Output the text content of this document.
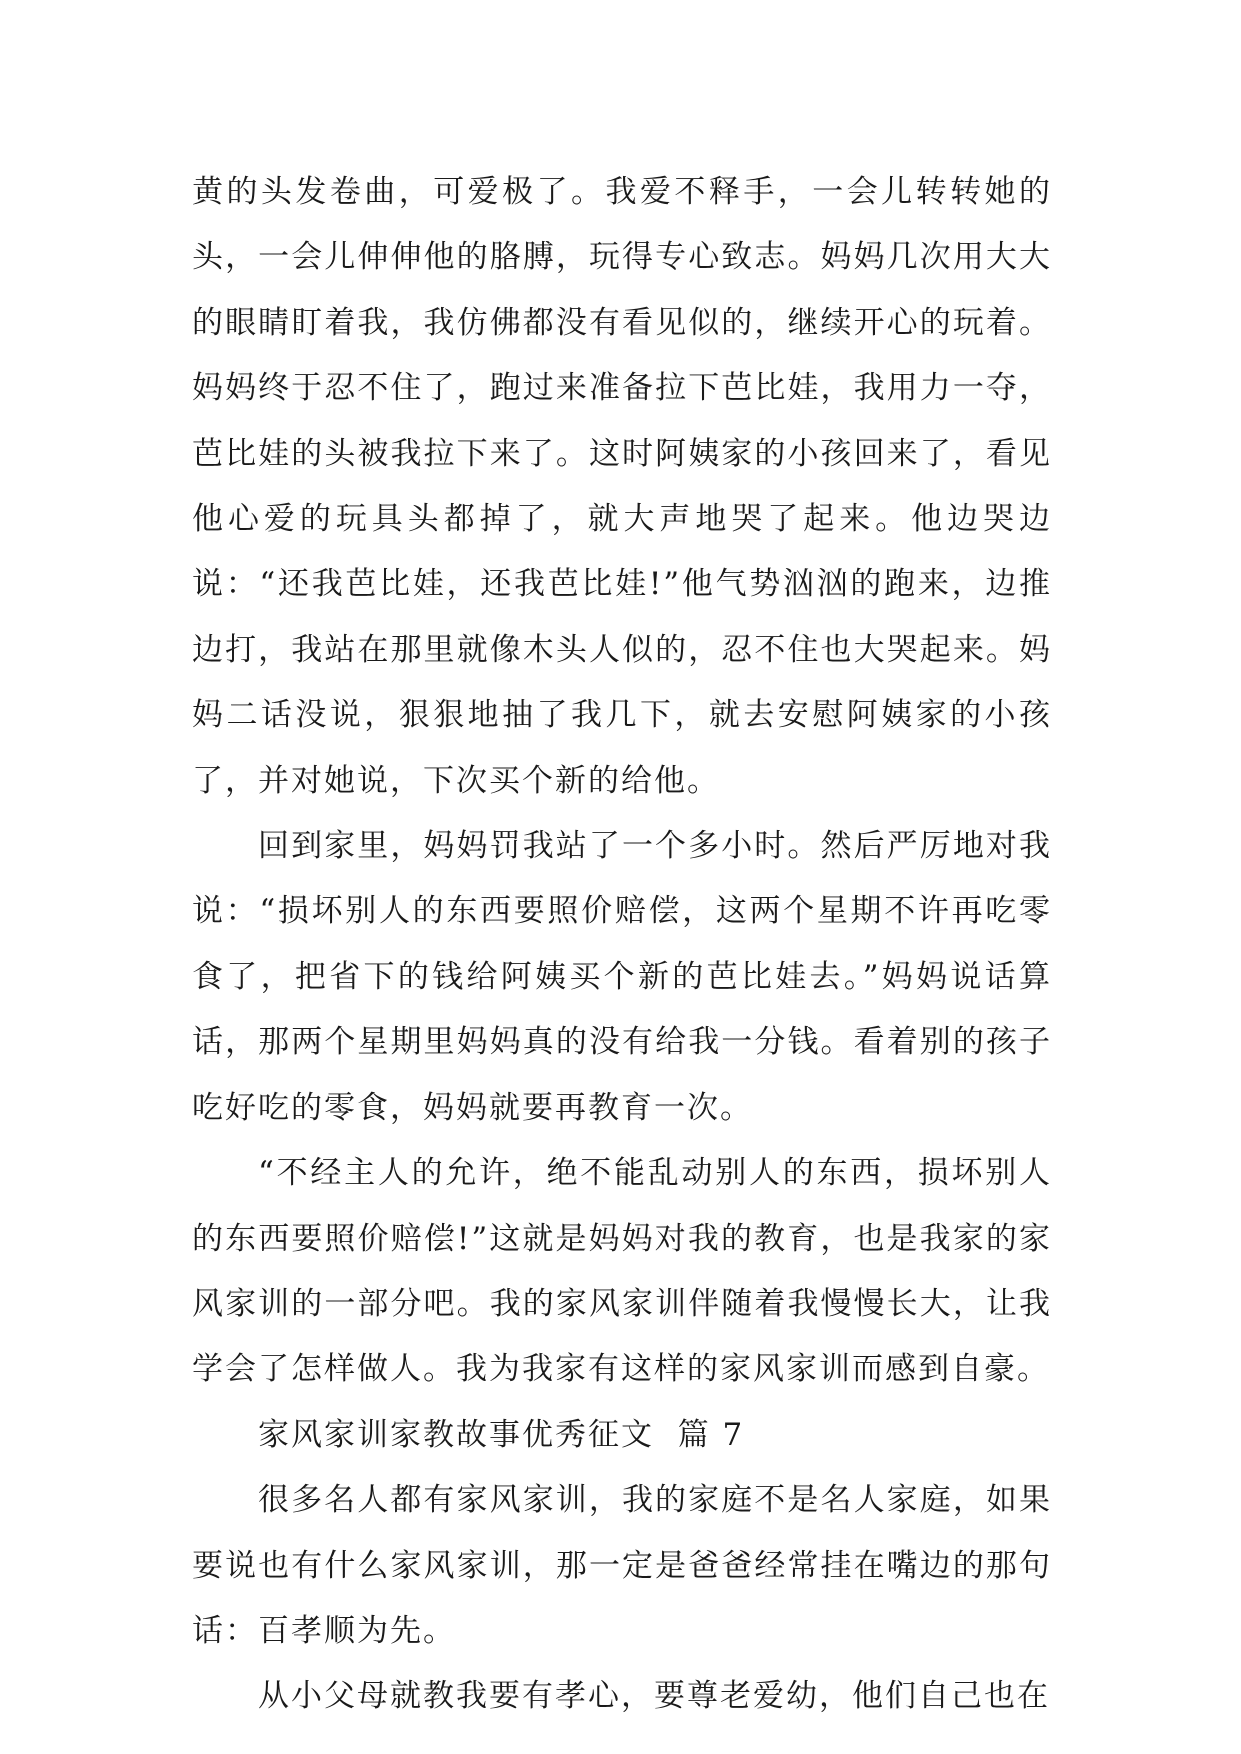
黄的头发卷曲，可爱极了。我爱不释手，一会儿转转她的头，一会儿伸伸他的胳膊，玩得专心致志。妈妈几次用大大的眼睛盯着我，我仿佛都没有看见似的，继续开心的玩着。妈妈终于忍不住了，跑过来准备拉下芭比娃，我用力一夺，芭比娃的头被我拉下来了。这时阿姨家的小孩回来了，看见他心爱的玩具头都掉了，就大声地哭了起来。他边哭边说：“还我芭比娃，还我芭比娃!”他气势汹汹的跑来，边推边打，我站在那里就像木头人似的，忍不住也大哭起来。妈妈二话没说，狠狠地抽了我几下，就去安慰阿姨家的小孩了，并对她说，下次买个新的给他。

回到家里，妈妈罚我站了一个多小时。然后严厉地对我说：“损坏别人的东西要照价赔偿，这两个星期不许再吃零食了，把省下的钱给阿姨买个新的芭比娃去。”妈妈说话算话，那两个星期里妈妈真的没有给我一分钱。看着别的孩子吃好吃的零食，妈妈就要再教育一次。

“不经主人的允许，绝不能乱动别人的东西，损坏别人的东西要照价赔偿!”这就是妈妈对我的教育，也是我家的家风家训的一部分吧。我的家风家训伴随着我慢慢长大，让我学会了怎样做人。我为我家有这样的家风家训而感到自豪。

家风家训家教故事优秀征文  篇 7

很多名人都有家风家训，我的家庭不是名人家庭，如果要说也有什么家风家训，那一定是爸爸经常挂在嘴边的那句话：百孝顺为先。

从小父母就教我要有孝心，要尊老爱幼，他们自己也在
